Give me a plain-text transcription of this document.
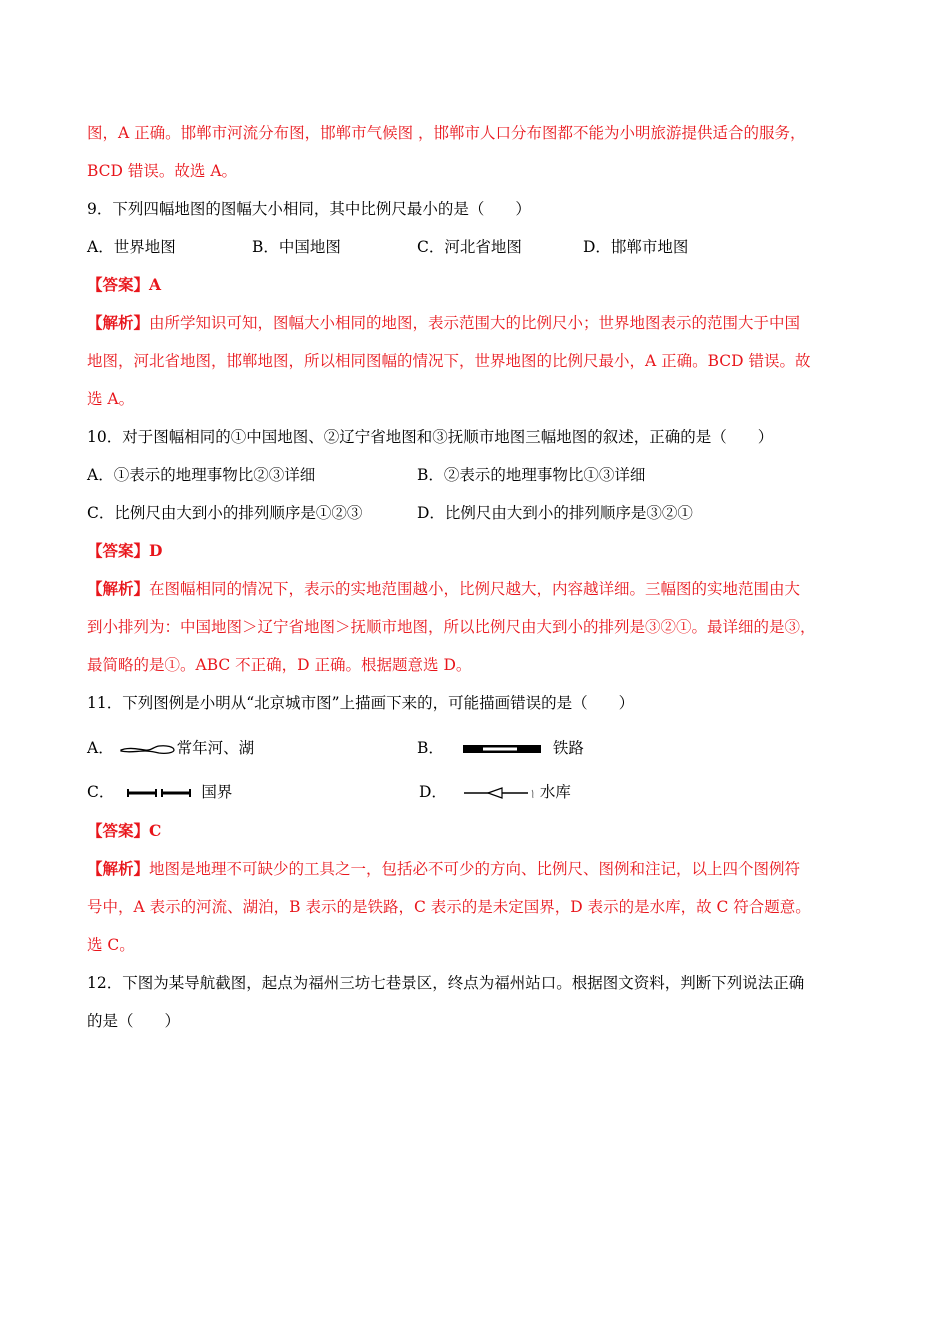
图，A 正确。邯郸市河流分布图，邯郸市气候图 ，邯郸市人口分布图都不能为小明旅游提供适合的服务，
BCD 错误。故选 A。
9．下列四幅地图的图幅大小相同，其中比例尺最小的是（　　）
A．世界地图	B．中国地图	C．河北省地图	D．邯郸市地图
【答案】A
【解析】由所学知识可知，图幅大小相同的地图，表示范围大的比例尺小；世界地图表示的范围大于中国
地图，河北省地图，邯郸地图，所以相同图幅的情况下，世界地图的比例尺最小，A 正确。BCD 错误。故
选 A。
10．对于图幅相同的①中国地图、②辽宁省地图和③抚顺市地图三幅地图的叙述，正确的是（　　）
A．①表示的地理事物比②③详细	B．②表示的地理事物比①③详细
C．比例尺由大到小的排列顺序是①②③	D．比例尺由大到小的排列顺序是③②①
【答案】D
【解析】在图幅相同的情况下，表示的实地范围越小，比例尺越大，内容越详细。三幅图的实地范围由大
到小排列为：中国地图＞辽宁省地图＞抚顺市地图，所以比例尺由大到小的排列是③②①。最详细的是③，
最简略的是①。ABC 不正确，D 正确。根据题意选 D。
11．下列图例是小明从“北京城市图”上描画下来的，可能描画错误的是（　　）
A．	常年河、湖	B．	铁路
C．	国界	D．	水库
【答案】C
【解析】地图是地理不可缺少的工具之一，包括必不可少的方向、比例尺、图例和注记，以上四个图例符
号中，A 表示的河流、湖泊，B 表示的是铁路，C 表示的是未定国界，D 表示的是水库，故 C 符合题意。
选 C。
12．下图为某导航截图，起点为福州三坊七巷景区，终点为福州站口。根据图文资料，判断下列说法正确
的是（　　）
